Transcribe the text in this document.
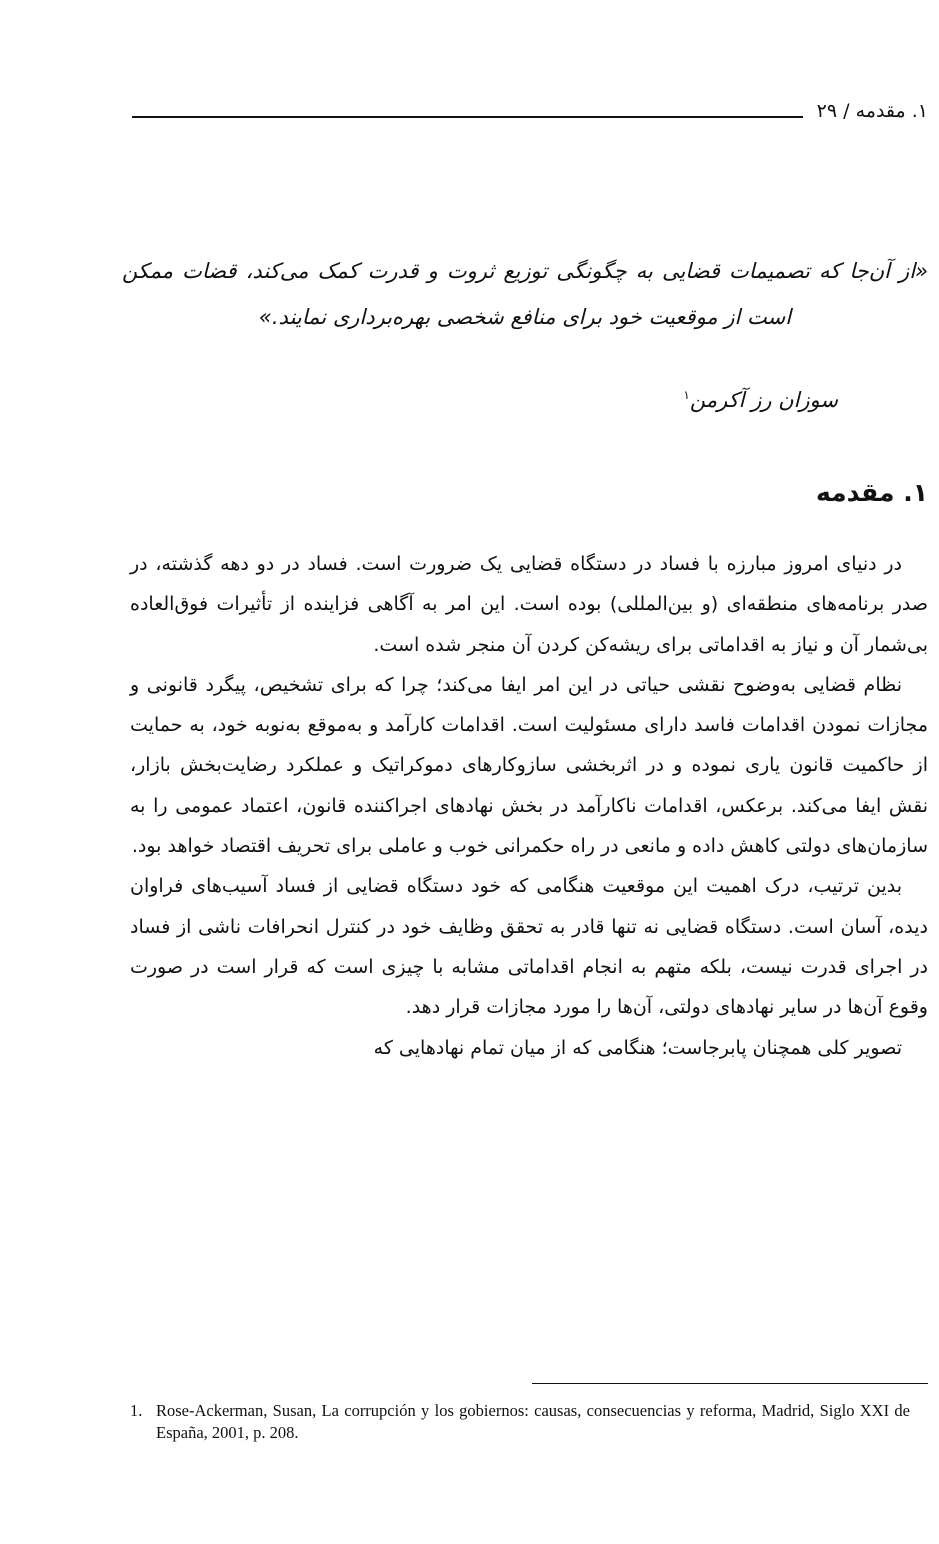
۱. مقدمه / ۲۹
«از آن‌جا که تصمیمات قضایی به چگونگی توزیع ثروت و قدرت کمک می‌کند، قضات ممکن است از موقعیت خود برای منافع شخصی بهره‌برداری نمایند.»
سوزان رز آکرمن$^۱$
۱. مقدمه

در دنیای امروز مبارزه با فساد در دستگاه قضایی یک ضرورت است. فساد در دو دهه گذشته، در صدر برنامه‌های منطقه‌ای (و بین‌المللی) بوده است. این امر به آگاهی فزاینده از تأثیرات فوق‌العاده بی‌شمار آن و نیاز به اقداماتی برای ریشه‌کن کردن آن منجر شده است.

نظام قضایی به‌وضوح نقشی حیاتی در این امر ایفا می‌کند؛ چرا که برای تشخیص، پیگرد قانونی و مجازات نمودن اقدامات فاسد دارای مسئولیت است. اقدامات کارآمد و به‌موقع به‌نوبه خود، به حمایت از حاکمیت قانون یاری نموده و در اثربخشی سازوکارهای دموکراتیک و عملکرد رضایت‌بخش بازار، نقش ایفا می‌کند. برعکس، اقدامات ناکارآمد در بخش نهادهای اجراکننده قانون، اعتماد عمومی را به سازمان‌های دولتی کاهش داده و مانعی در راه حکمرانی خوب و عاملی برای تحریف اقتصاد خواهد بود.

بدین ترتیب، درک اهمیت این موقعیت هنگامی که خود دستگاه قضایی از فساد آسیب‌های فراوان دیده، آسان است. دستگاه قضایی نه تنها قادر به تحقق وظایف خود در کنترل انحرافات ناشی از فساد در اجرای قدرت نیست، بلکه متهم به انجام اقداماتی مشابه با چیزی است که قرار است در صورت وقوع آن‌ها در سایر نهادهای دولتی، آن‌ها را مورد مجازات قرار دهد.

تصویر کلی همچنان پابرجاست؛ هنگامی که از میان تمام نهادهایی که

1. Rose-Ackerman, Susan, La corrupción y los gobiernos: causas, consecuencias y reforma, Madrid, Siglo XXI de España, 2001, p. 208.
